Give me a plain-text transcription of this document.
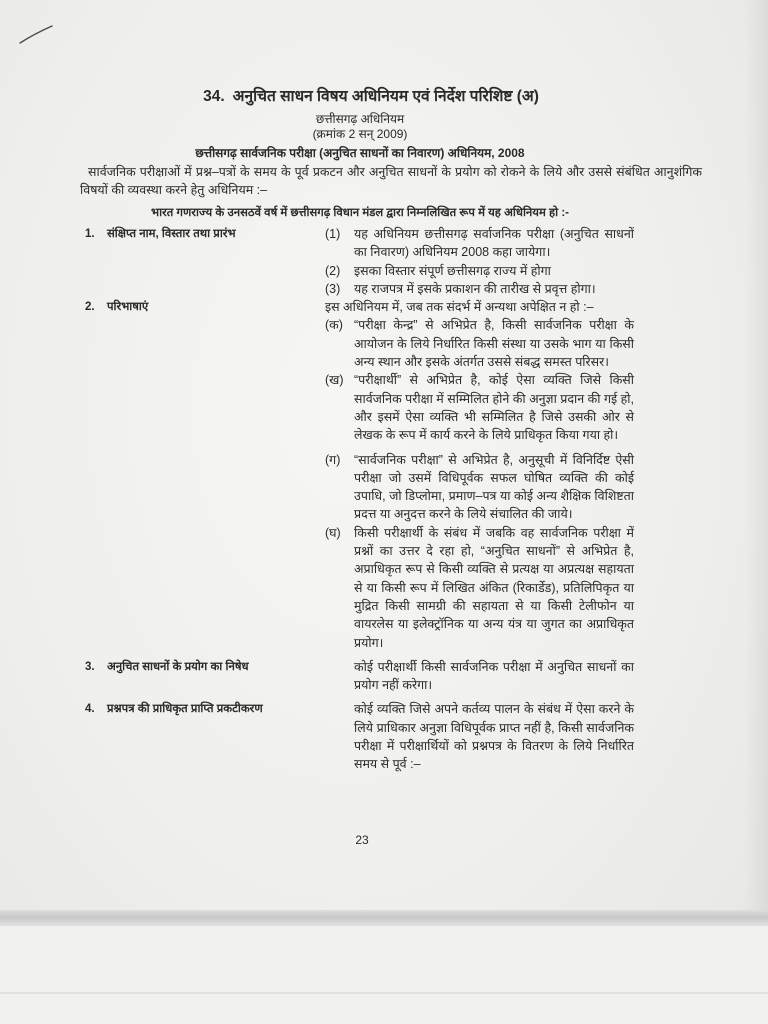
34. अनुचित साधन विषय अधिनियम एवं निर्देश परिशिष्ट (अ)
छत्तीसगढ़ अधिनियम
(क्रमांक 2 सन् 2009)
छत्तीसगढ़ सार्वजनिक परीक्षा (अनुचित साधनों का निवारण) अधिनियम, 2008
सार्वजनिक परीक्षाओं में प्रश्न–पत्रों के समय के पूर्व प्रकटन और अनुचित साधनों के प्रयोग को रोकने के लिये और उससे संबंधित आनुशंगिक विषयों की व्यवस्था करने हेतु अधिनियम :–
भारत गणराज्य के उनसठवें वर्ष में छत्तीसगढ़ विधान मंडल द्वारा निम्नलिखित रूप में यह अधिनियम हो :-
1.	संक्षिप्त नाम, विस्तार तथा प्रारंभ	(1)	यह अधिनियम छत्तीसगढ़ सर्वाजनिक परीक्षा (अनुचित साधनों का निवारण) अधिनियम 2008 कहा जायेगा।
(2)	इसका विस्तार संपूर्ण छत्तीसगढ़ राज्य में होगा
(3)	यह राजपत्र में इसके प्रकाशन की तारीख से प्रवृत्त होगा।
2.	परिभाषाएं	इस अधिनियम में, जब तक संदर्भ में अन्यथा अपेक्षित न हो :–
(क) “परीक्षा केन्द्र” से अभिप्रेत है, किसी सार्वजनिक परीक्षा के आयोजन के लिये निर्धारित किसी संस्था या उसके भाग या किसी अन्य स्थान और इसके अंतर्गत उससे संबद्ध समस्त परिसर।
(ख) “परीक्षार्थी” से अभिप्रेत है, कोई ऐसा व्यक्ति जिसे किसी सार्वजनिक परीक्षा में सम्मिलित होने की अनुज्ञा प्रदान की गई हो, और इसमें ऐसा व्यक्ति भी सम्मिलित है जिसे उसकी ओर से लेखक के रूप में कार्य करने के लिये प्राधिकृत किया गया हो।
(ग)	“सार्वजनिक परीक्षा” से अभिप्रेत है, अनुसूची में विनिर्दिष्ट ऐसी परीक्षा जो उसमें विधिपूर्वक सफल घोषित व्यक्ति की कोई उपाधि, जो डिप्लोमा, प्रमाण–पत्र या कोई अन्य शैक्षिक विशिष्टता प्रदत्त या अनुदत्त करने के लिये संचालित की जाये।
(घ)	किसी परीक्षार्थी के संबंध में जबकि वह सार्वजनिक परीक्षा में प्रश्नों का उत्तर दे रहा हो, “अनुचित साधनों” से अभिप्रेत है, अप्राधिकृत रूप से किसी व्यक्ति से प्रत्यक्ष या अप्रत्यक्ष सहायता से या किसी रूप में लिखित अंकित (रिकार्डेड), प्रतिलिपिकृत या मुद्रित किसी सामग्री की सहायता से या किसी टेलीफोन या वायरलेस या इलेक्ट्रॉनिक या अन्य यंत्र या जुगत का अप्राधिकृत प्रयोग।
3.	अनुचित साधनों के प्रयोग का निषेध	कोई परीक्षार्थी किसी सार्वजनिक परीक्षा में अनुचित साधनों का प्रयोग नहीं करेगा।
4.	प्रश्नपत्र की प्राधिकृत प्राप्ति प्रकटीकरण	कोई व्यक्ति जिसे अपने कर्तव्य पालन के संबंध में ऐसा करने के लिये प्राधिकार अनुज्ञा विधिपूर्वक प्राप्त नहीं है, किसी सार्वजनिक परीक्षा में परीक्षार्थियों को प्रश्नपत्र के वितरण के लिये निर्धारित समय से पूर्व :–
23
